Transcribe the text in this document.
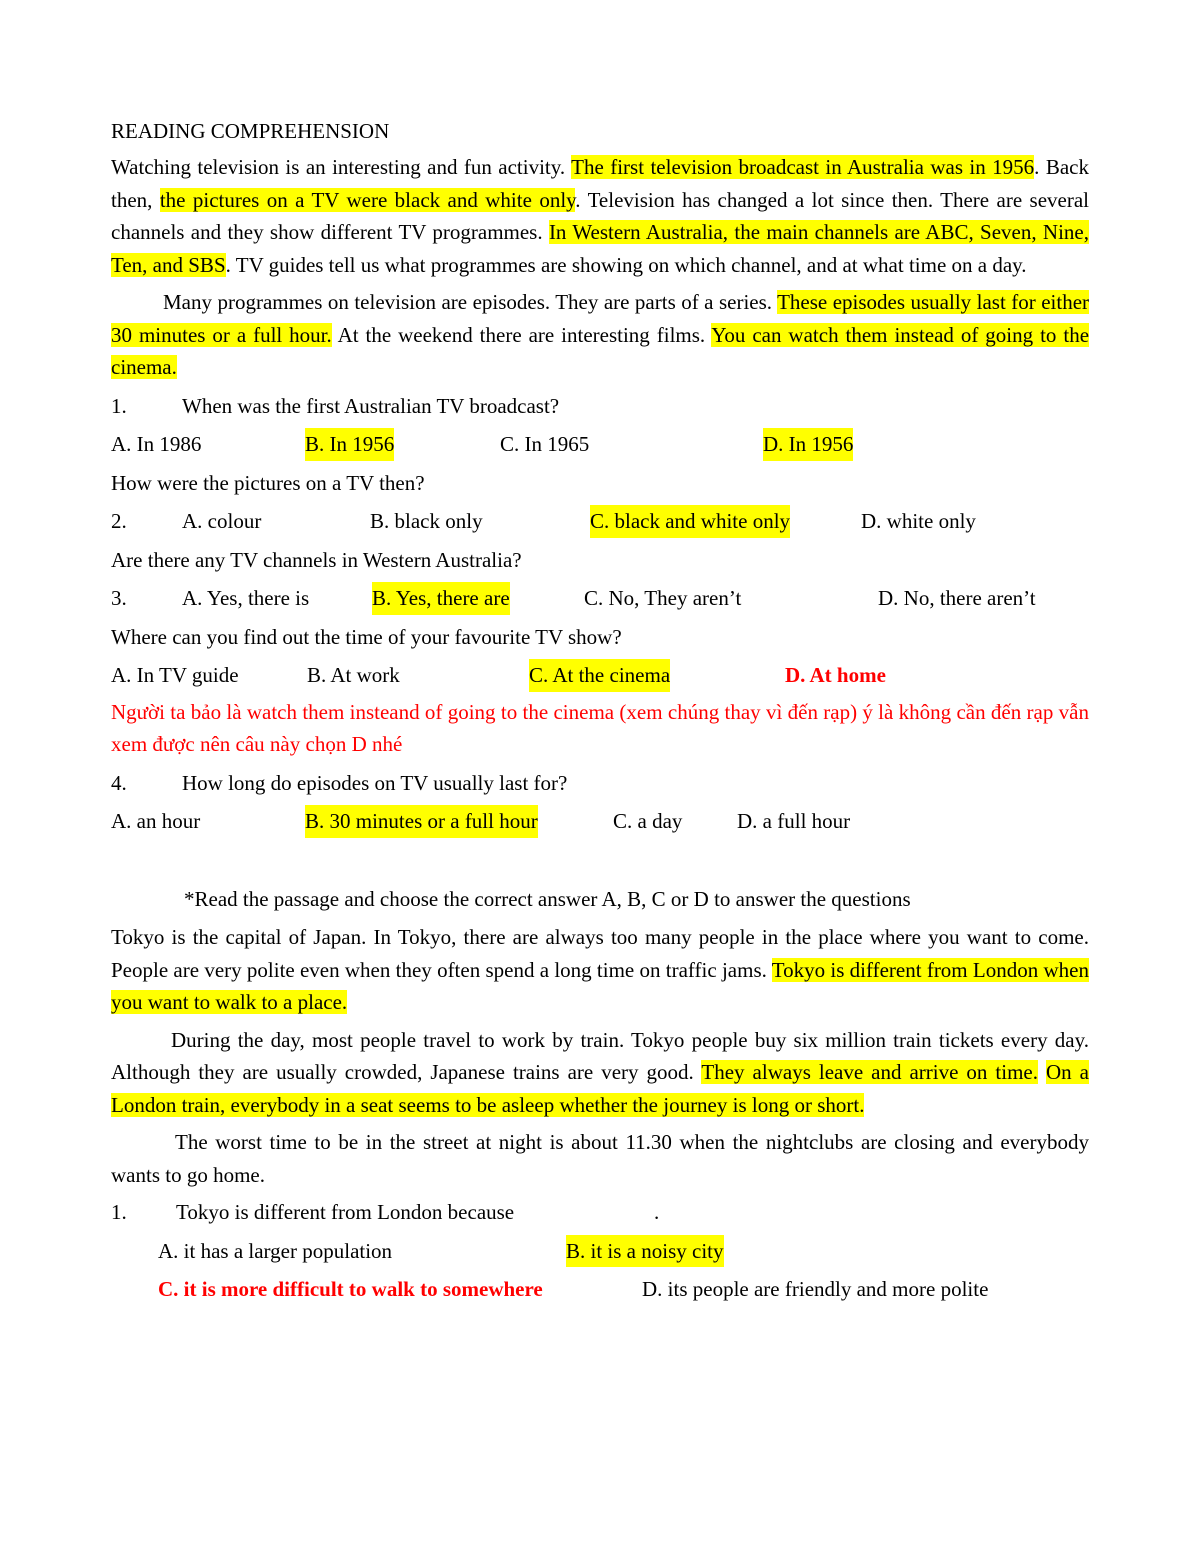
READING COMPREHENSION

Watching television is an interesting and fun activity. The first television broadcast in Australia was in 1956. Back then, the pictures on a TV were black and white only. Television has changed a lot since then. There are several channels and they show different TV programmes. In Western Australia, the main channels are ABC, Seven, Nine, Ten, and SBS. TV guides tell us what programmes are showing on which channel, and at what time on a day.

Many programmes on television are episodes. They are parts of a series. These episodes usually last for either 30 minutes or a full hour. At the weekend there are interesting films. You can watch them instead of going to the cinema.

1.	When was the first Australian TV broadcast?
A. In 1986	B. In 1956	C. In 1965	D. In 1956
How were the pictures on a TV then?
2.	A. colour	B. black only	C. black and white only	D. white only
Are there any TV channels in Western Australia?
3.	A. Yes, there is	B. Yes, there are	C. No, They aren’t	D. No, there aren’t
Where can you find out the time of your favourite TV show?
A. In TV guide	B. At work	C. At the cinema	D. At home

Người ta bảo là watch them insteand of going to the cinema (xem chúng thay vì đến rạp) ý là không cần đến rạp vẫn xem được nên câu này chọn D nhé

4.	How long do episodes on TV usually last for?
A. an hour	B. 30 minutes or a full hour	C. a day	D. a full hour
*Read the passage and choose the correct answer A, B, C or D to answer the questions

Tokyo is the capital of Japan. In Tokyo, there are always too many people in the place where you want to come. People are very polite even when they often spend a long time on traffic jams. Tokyo is different from London when you want to walk to a place.

During the day, most people travel to work by train. Tokyo people buy six million train tickets every day. Although they are usually crowded, Japanese trains are very good. They always leave and arrive on time. On a London train, everybody in a seat seems to be asleep whether the journey is long or short.

The worst time to be in the street at night is about 11.30 when the nightclubs are closing and everybody wants to go home.

1. Tokyo is different from London because	.
A. it has a larger population	B. it is a noisy city
C. it is more difficult to walk to somewhere	D. its people are friendly and more polite
